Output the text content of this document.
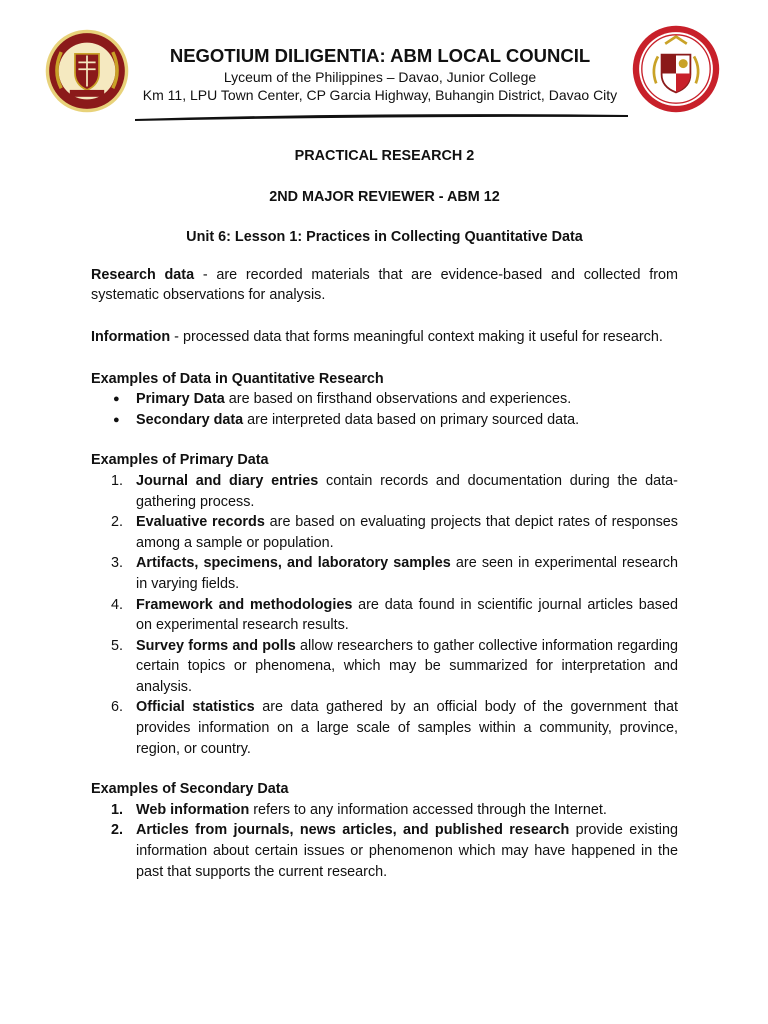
NEGOTIUM DILIGENTIA: ABM LOCAL COUNCIL

Lyceum of the Philippines – Davao, Junior College

Km 11, LPU Town Center, CP Garcia Highway, Buhangin District, Davao City

PRACTICAL RESEARCH 2

2ND MAJOR REVIEWER - ABM 12

Unit 6: Lesson 1: Practices in Collecting Quantitative Data

Research data - are recorded materials that are evidence-based and collected from systematic observations for analysis.

Information - processed data that forms meaningful context making it useful for research.

Examples of Data in Quantitative Research

● Primary Data are based on firsthand observations and experiences.
● Secondary data are interpreted data based on primary sourced data.

Examples of Primary Data

1. Journal and diary entries contain records and documentation during the data-gathering process.
2. Evaluative records are based on evaluating projects that depict rates of responses among a sample or population.
3. Artifacts, specimens, and laboratory samples are seen in experimental research in varying fields.
4. Framework and methodologies are data found in scientific journal articles based on experimental research results.
5. Survey forms and polls allow researchers to gather collective information regarding certain topics or phenomena, which may be summarized for interpretation and analysis.
6. Official statistics are data gathered by an official body of the government that provides information on a large scale of samples within a community, province, region, or country.

Examples of Secondary Data

1. Web information refers to any information accessed through the Internet.
2. Articles from journals, news articles, and published research provide existing information about certain issues or phenomenon which may have happened in the past that supports the current research.
